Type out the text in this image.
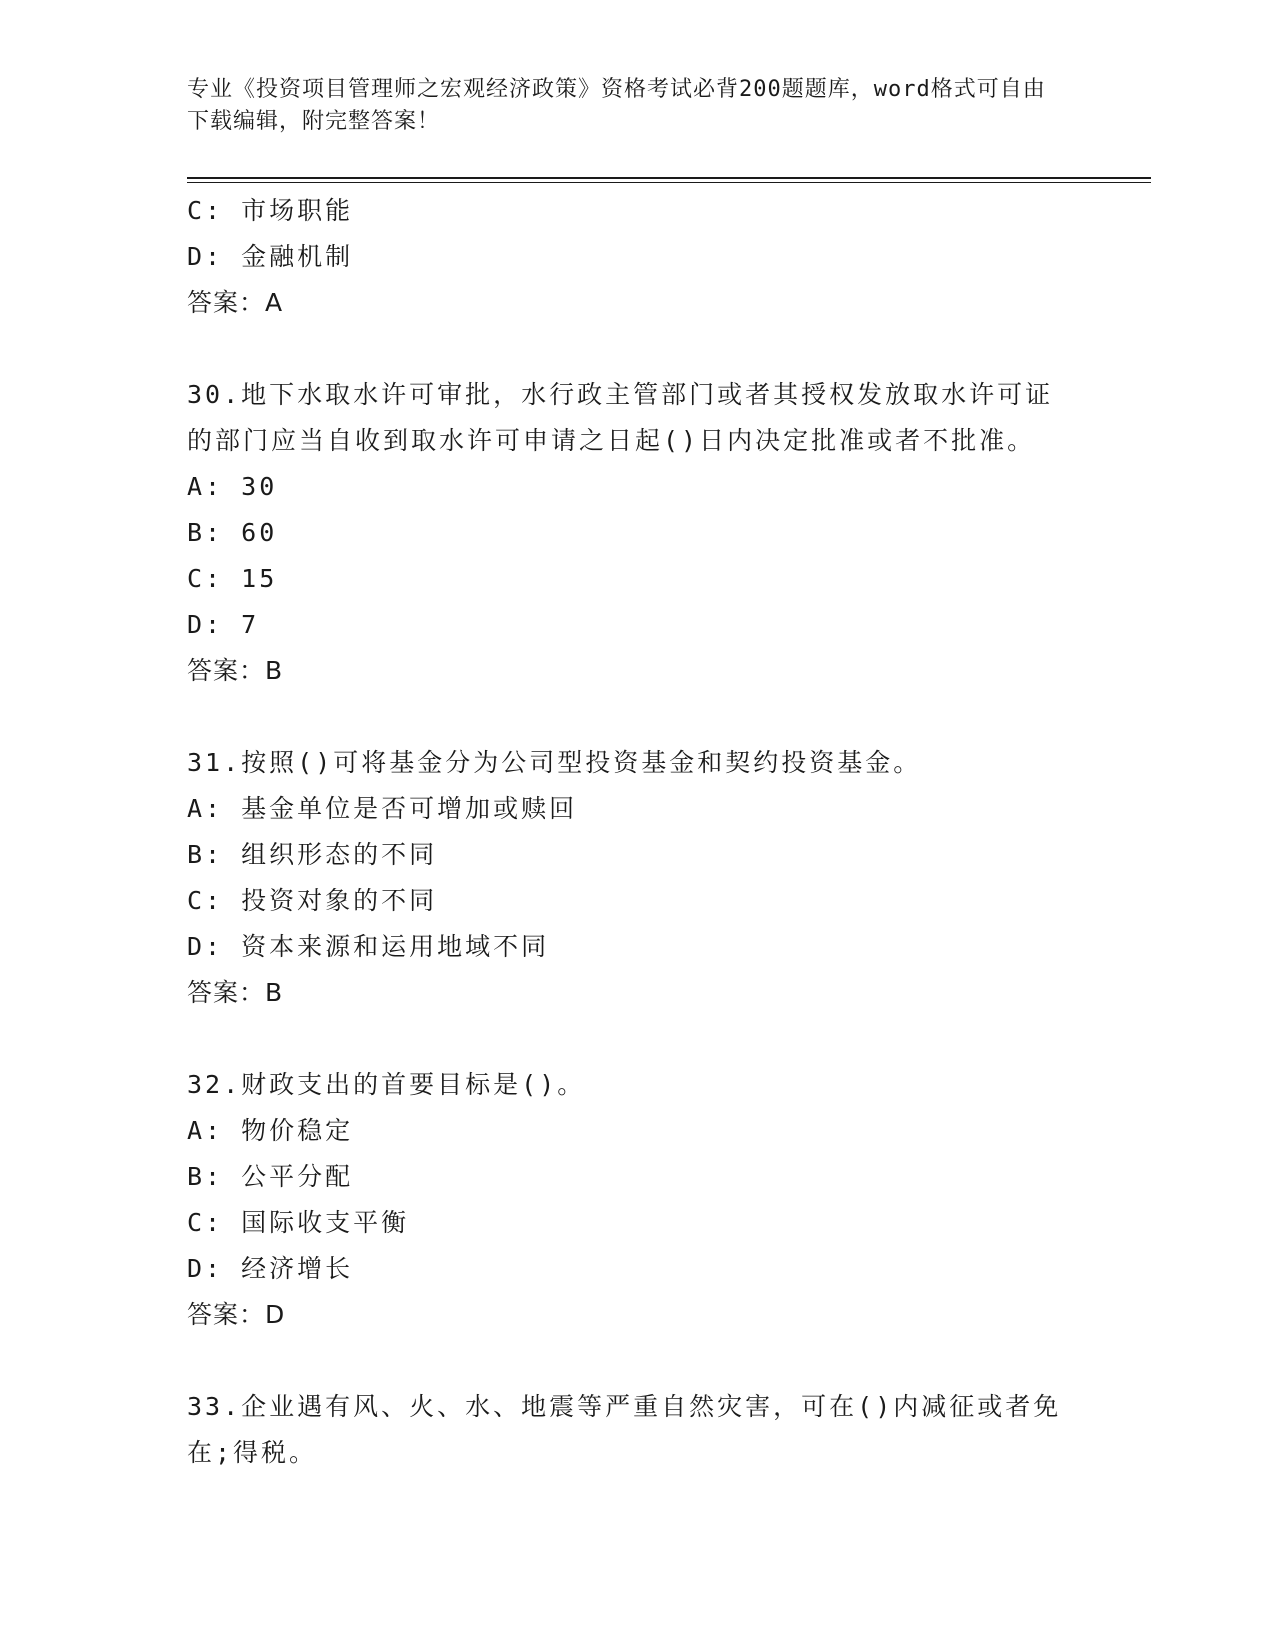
专业《投资项目管理师之宏观经济政策》资格考试必背200题题库，word格式可自由下载编辑，附完整答案！
C: 市场职能
D: 金融机制
答案：A
30.地下水取水许可审批，水行政主管部门或者其授权发放取水许可证的部门应当自收到取水许可申请之日起()日内决定批准或者不批准。
A: 30
B: 60
C: 15
D: 7
答案：B
31.按照()可将基金分为公司型投资基金和契约投资基金。
A: 基金单位是否可增加或赎回
B: 组织形态的不同
C: 投资对象的不同
D: 资本来源和运用地域不同
答案：B
32.财政支出的首要目标是()。
A: 物价稳定
B: 公平分配
C: 国际收支平衡
D: 经济增长
答案：D
33.企业遇有风、火、水、地震等严重自然灾害，可在()内减征或者免在;得税。
